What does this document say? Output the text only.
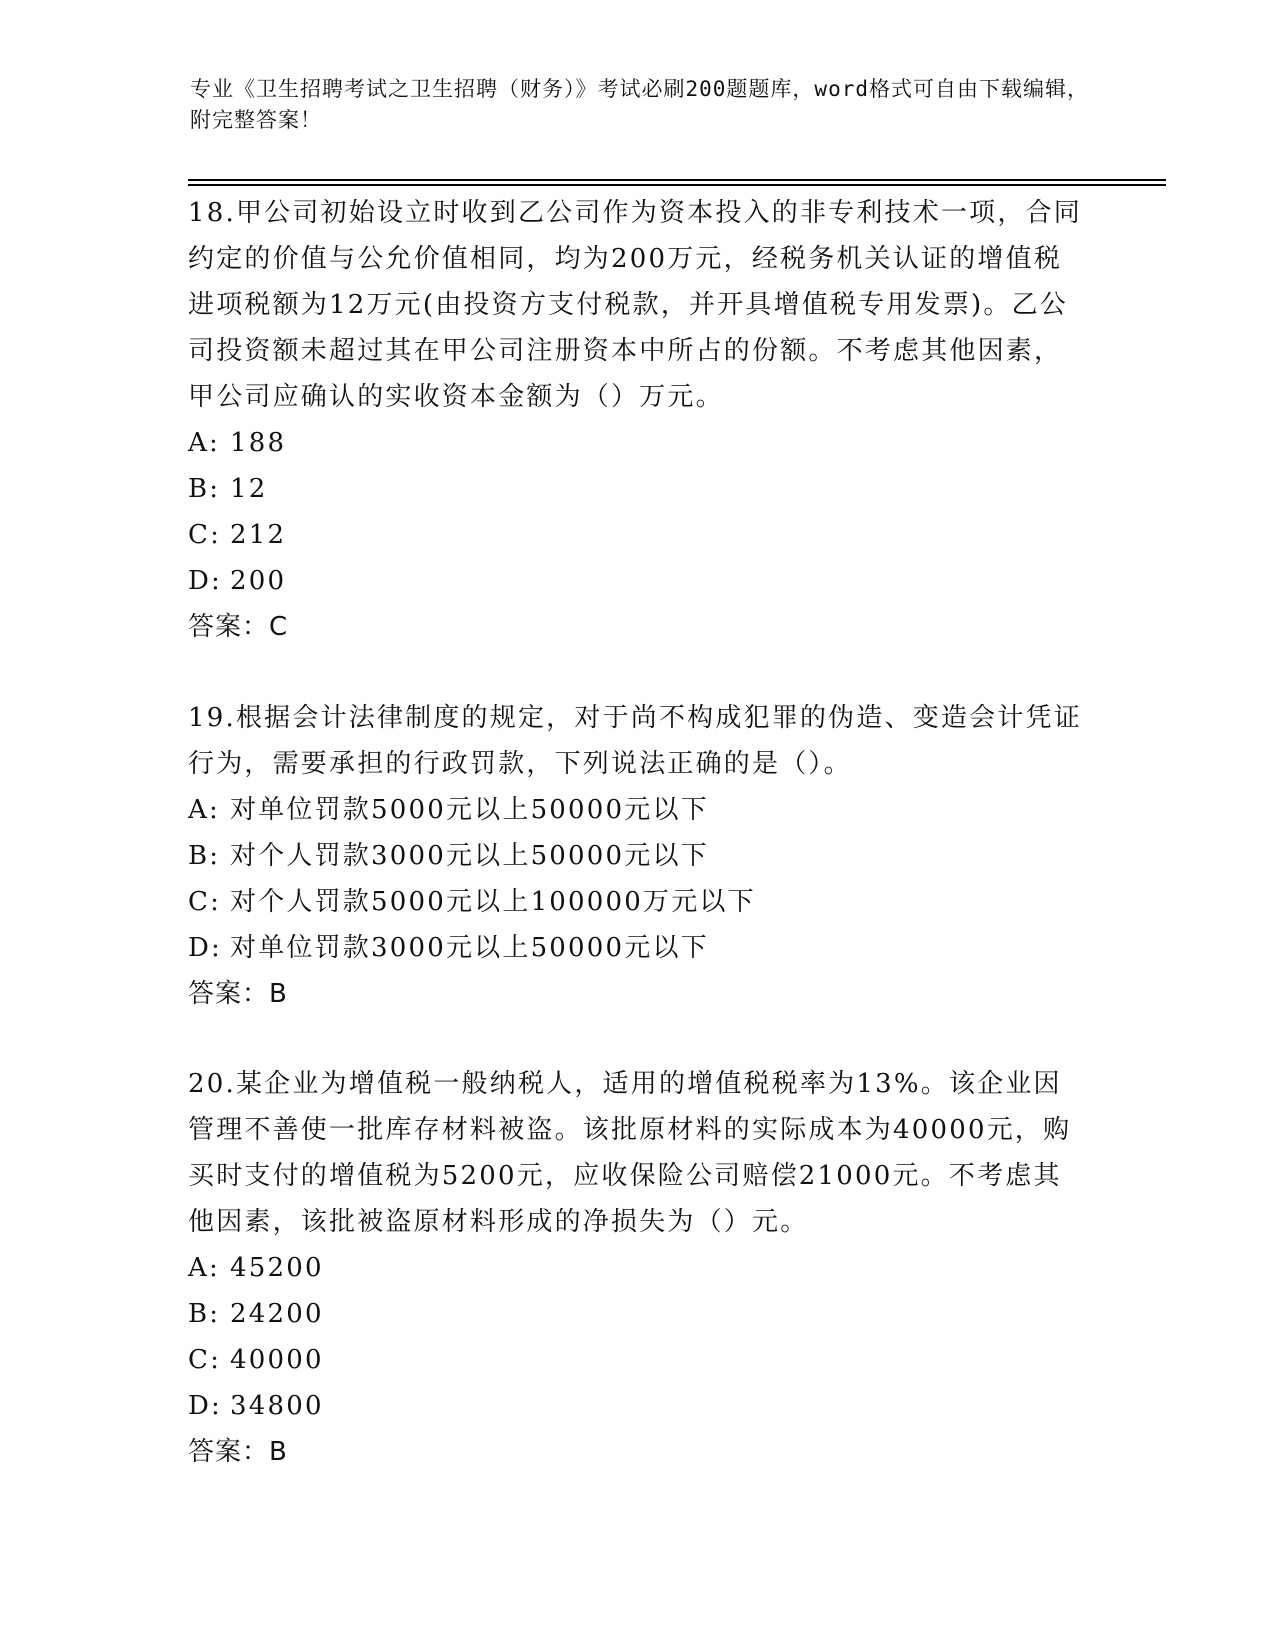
专业《卫生招聘考试之卫生招聘（财务）》考试必刷200题题库，word格式可自由下载编辑，附完整答案！

18.甲公司初始设立时收到乙公司作为资本投入的非专利技术一项，合同约定的价值与公允价值相同，均为200万元，经税务机关认证的增值税进项税额为12万元(由投资方支付税款，并开具增值税专用发票)。乙公司投资额未超过其在甲公司注册资本中所占的份额。不考虑其他因素，甲公司应确认的实收资本金额为（）万元。

A: 188

B: 12

C: 212

D: 200

答案：C

19.根据会计法律制度的规定，对于尚不构成犯罪的伪造、变造会计凭证行为，需要承担的行政罚款，下列说法正确的是（）。

A: 对单位罚款5000元以上50000元以下

B: 对个人罚款3000元以上50000元以下

C: 对个人罚款5000元以上100000万元以下

D: 对单位罚款3000元以上50000元以下

答案：B

20.某企业为增值税一般纳税人，适用的增值税税率为13%。该企业因管理不善使一批库存材料被盗。该批原材料的实际成本为40000元，购买时支付的增值税为5200元，应收保险公司赔偿21000元。不考虑其他因素，该批被盗原材料形成的净损失为（）元。

A: 45200

B: 24200

C: 40000

D: 34800

答案：B
